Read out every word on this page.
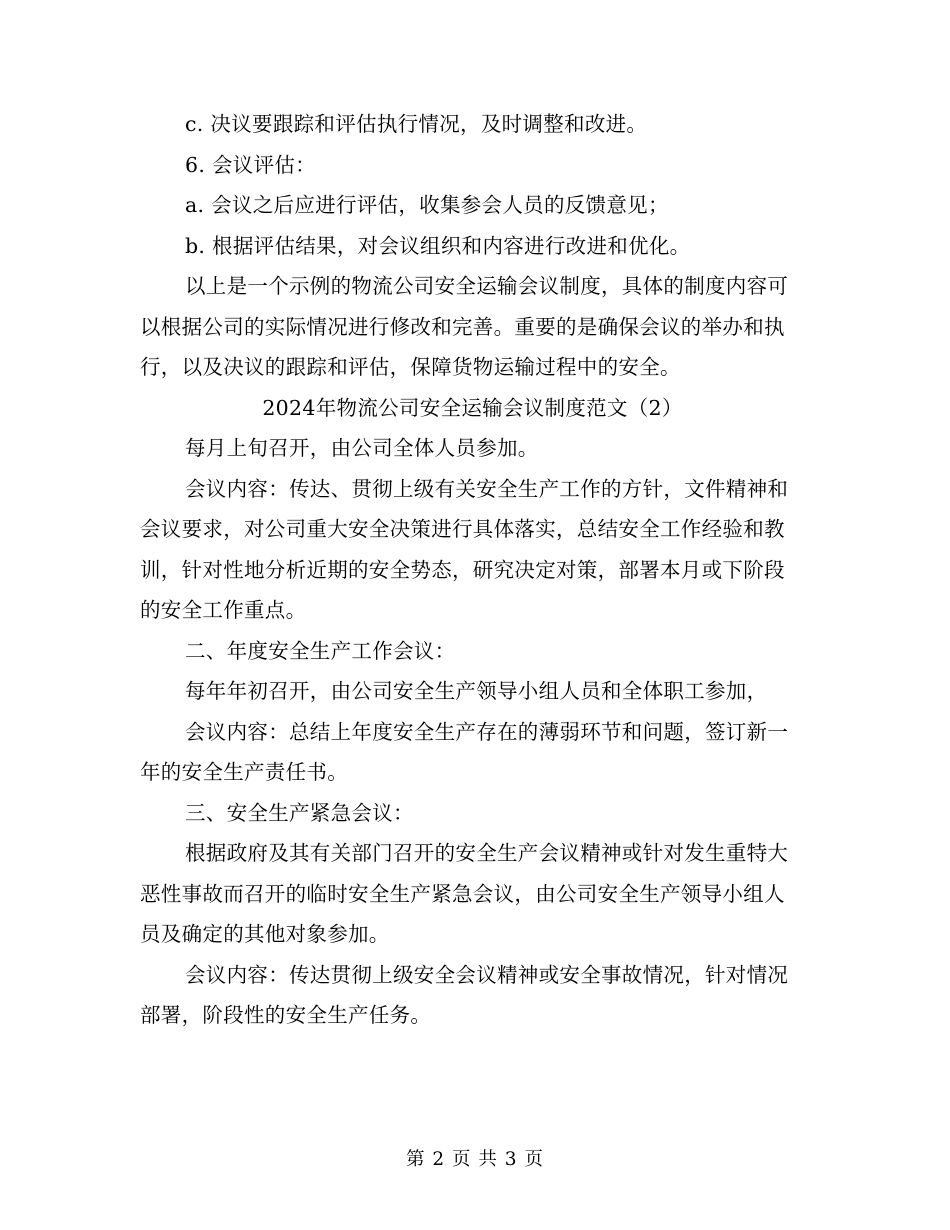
c. 决议要跟踪和评估执行情况，及时调整和改进。

6. 会议评估：

a. 会议之后应进行评估，收集参会人员的反馈意见；

b. 根据评估结果，对会议组织和内容进行改进和优化。

以上是一个示例的物流公司安全运输会议制度，具体的制度内容可以根据公司的实际情况进行修改和完善。重要的是确保会议的举办和执行，以及决议的跟踪和评估，保障货物运输过程中的安全。

2024年物流公司安全运输会议制度范文（2）

每月上旬召开，由公司全体人员参加。

会议内容：传达、贯彻上级有关安全生产工作的方针，文件精神和会议要求，对公司重大安全决策进行具体落实，总结安全工作经验和教训，针对性地分析近期的安全势态，研究决定对策，部署本月或下阶段的安全工作重点。

二、年度安全生产工作会议：

每年年初召开，由公司安全生产领导小组人员和全体职工参加，

会议内容：总结上年度安全生产存在的薄弱环节和问题，签订新一年的安全生产责任书。

三、安全生产紧急会议：

根据政府及其有关部门召开的安全生产会议精神或针对发生重特大恶性事故而召开的临时安全生产紧急会议，由公司安全生产领导小组人员及确定的其他对象参加。

会议内容：传达贯彻上级安全会议精神或安全事故情况，针对情况部署，阶段性的安全生产任务。

第 2 页 共 3 页
